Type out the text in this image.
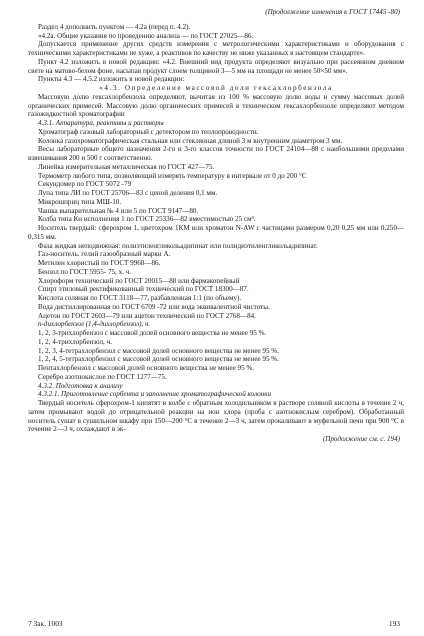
(Продолжение изменения к ГОСТ 17445 -80)

Раздел 4 дополнить пунктом — 4.2а (перед п. 4.2).

«4.2а. Общие указания по проведению анализа — по ГОСТ 27025—86.

Допускается применение других средств измерения с метрологическими характеристиками и оборудования с техническими характеристиками не хуже, а реактивов по качеству не ниже указанных в настоящем стандарте».

Пункт 4.2 изложить в новой редакции: «4.2. Внешний вид продукта определяют визуально при рассеянном дневном свете на матово-белом фоне, насыпав продукт слоем толщиной 3—5 мм на площади не менее 50×50 мм».

Пункты 4.3 — 4.5.2 изложить в новой редакции:

«4.3. Определение массовой доли гексахлорбензола

Массовую долю гексахлорбензола определяют, вычитая из 100 % массовую долю воды и сумму массовых долей органических примесей. Массовую долю органических примесей в техническом гексахлорбензоле определяют методом газожидкостной хроматографии

4.3.1. Аппаратура, реактивы и растворы

Хроматограф газовый лабораторный с детектором по теплопроводности.

Колонка газохроматографическая стальная или стеклянная длиной 3 м внутренним диаметром 3 мм.

Весы лабораторные общего назначения 2-го и 3-го классов точности по ГОСТ 24104—88 с наибольшими пределами взвешивания 200 и 500 г соответственно.

Линейка измерительная металлическая по ГОСТ 427—75.

Термометр любого типа, позволяющий измерять температуру в интервале от 0 до 200 °С

Секундомер по ГОСТ 5072 -79

Лупа типа ЛИ по ГОСТ 25706—83 с ценой деления 0,1 мм.

Микрошприц типа МШ-10.

Чашка выпарительная № 4 или 5 по ГОСТ 9147—80.

Колба типа Кн исполнения 1 по ГОСТ 25336—82 вместимостью 25 см³.

Носитель твердый: сферохром 1, цветохром 1КМ или хроматон N-AW с частицами размером 0,20 0,25 мм или 0,250—0,315 мм.

Фаза жидкая неподвижная: полиэтиленгликольадипинат или полидиэтиленгликольадипинат.

Газ-носитель. гелий газообразный марки А.

Метилен хлористый по ГОСТ 9968—86.

Бензол по ГОСТ 5955- 75, х. ч.

Хлороформ технический по ГОСТ 20015—88 или фармакопейный

Спирт этиловый ректификованный технический по ГОСТ 18300—87.

Кислота соляная по ГОСТ 3118—77, разбавленная 1:1 (по объему).

Вода дистиллированная по ГОСТ 6709 -72 или вода эквивалентной чистоты.

Ацетон по ГОСТ 2603—79 или ацетон технический по ГОСТ 2768—84.

n-дихлорбензол (1,4-дихлорбензол), ч.

1, 2, 3-трихлорбензол с массовой долей основного вещества не менее 95 %.

1, 2, 4-трихлорбензол, ч.

1, 2, 3, 4-тетрахлорбензол с массовой долей основного вещества не менее 95 %.

1, 2, 4, 5-тетрахлорбензол с массовой долей основного вещества не менее 95 %.

Пентахлорбензол с массовой долей основного вещества не менее 95 %.

Серебро азотнокислое по ГОСТ 1277—75.

4.3.2. Подготовка к анализу

4.3.2.1. Приготовление сорбента и заполнение хроматографической колонки

Твердый носитель сферохром-1 кипятят в колбе с обратным холодильником в растворе соляной кислоты в течение 2 ч, затем промывают водой до отрицательной реакции на ион хлора (проба с азотнокислым серебром). Обработанный носитель сушат в сушильном шкафу при 150—200 °С в течение 2—3 ч, затем прокаливают в муфельной печи при 900 °С в течение 2—3 ч, охлаждают в эк-

(Продолжение см. с. 194)
7 Зак. 1003	193
